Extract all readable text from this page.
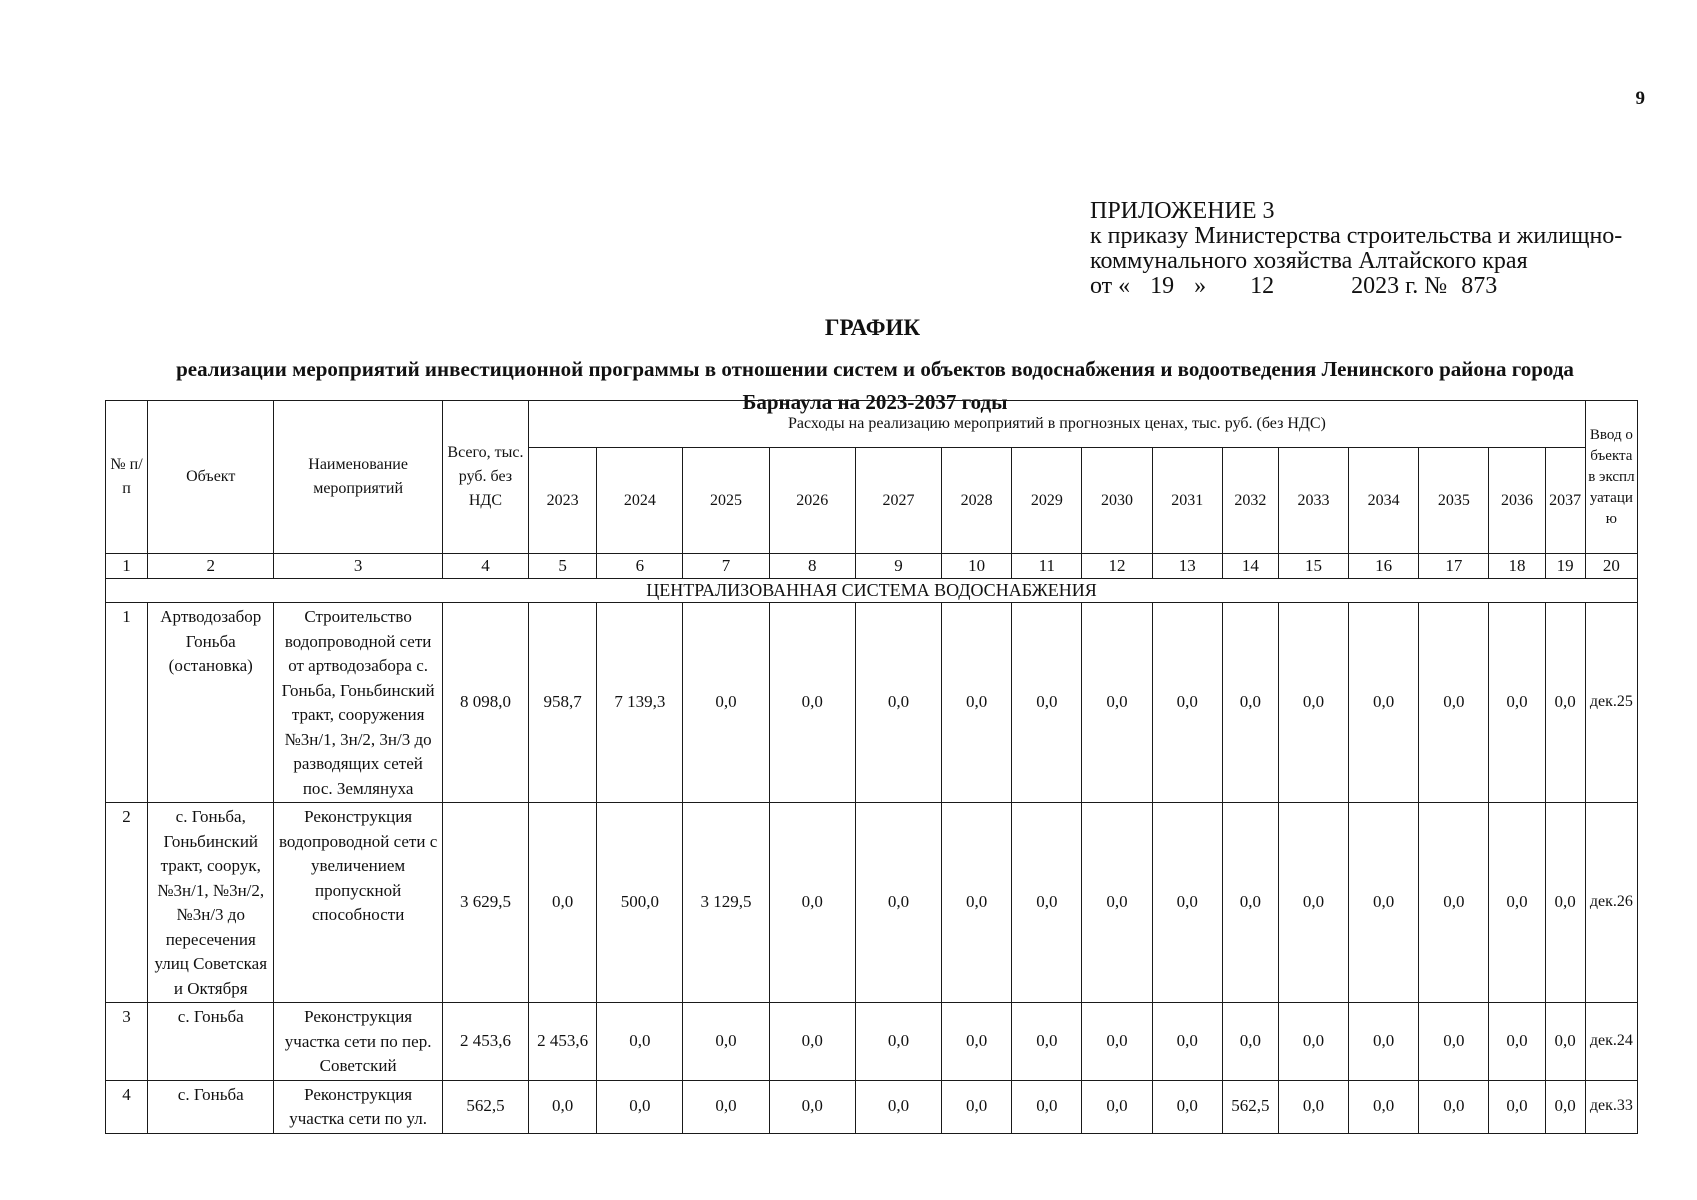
9
ПРИЛОЖЕНИЕ 3
к приказу Министерства строительства и жилищно-
коммунального хозяйства Алтайского края
от « 19 » 12	2023 г. № 873
ГРАФИК
реализации мероприятий инвестиционной программы в отношении систем и объектов водоснабжения и водоотведения Ленинского района города Барнаула на 2023-2037 годы
№ п/п	Объект	Наименование мероприятий	Всего, тыс. руб. без НДС	Расходы на реализацию мероприятий в прогнозных ценах, тыс. руб. (без НДС)															Ввод объекта в эксплуатацию
				2023	2024	2025	2026	2027	2028	2029	2030	2031	2032	2033	2034	2035	2036	2037	
1	2	3	4	5	6	7	8	9	10	11	12	13	14	15	16	17	18	19	20
ЦЕНТРАЛИЗОВАННАЯ СИСТЕМА ВОДОСНАБЖЕНИЯ																			
1	Артводозабор Гоньба (остановка)	Строительство водопроводной сети от артводозабора с. Гоньба, Гоньбинский тракт, сооружения №3н/1, 3н/2, 3н/3 до разводящих сетей пос. Землянуха	8 098,0	958,7	7 139,3	0,0	0,0	0,0	0,0	0,0	0,0	0,0	0,0	0,0	0,0	0,0	0,0	0,0	дек.25
2	с. Гоньба, Гоньбинский тракт, соорук, №3н/1, №3н/2, №3н/3 до пересечения улиц Советская и Октября	Реконструкция водопроводной сети с увеличением пропускной способности	3 629,5	0,0	500,0	3 129,5	0,0	0,0	0,0	0,0	0,0	0,0	0,0	0,0	0,0	0,0	0,0	0,0	дек.26
3	с. Гоньба	Реконструкция участка сети по пер. Советский	2 453,6	2 453,6	0,0	0,0	0,0	0,0	0,0	0,0	0,0	0,0	0,0	0,0	0,0	0,0	0,0	0,0	дек.24
4	с. Гоньба	Реконструкция участка сети по ул.	562,5	0,0	0,0	0,0	0,0	0,0	0,0	0,0	0,0	0,0	562,5	0,0	0,0	0,0	0,0	0,0	дек.33
